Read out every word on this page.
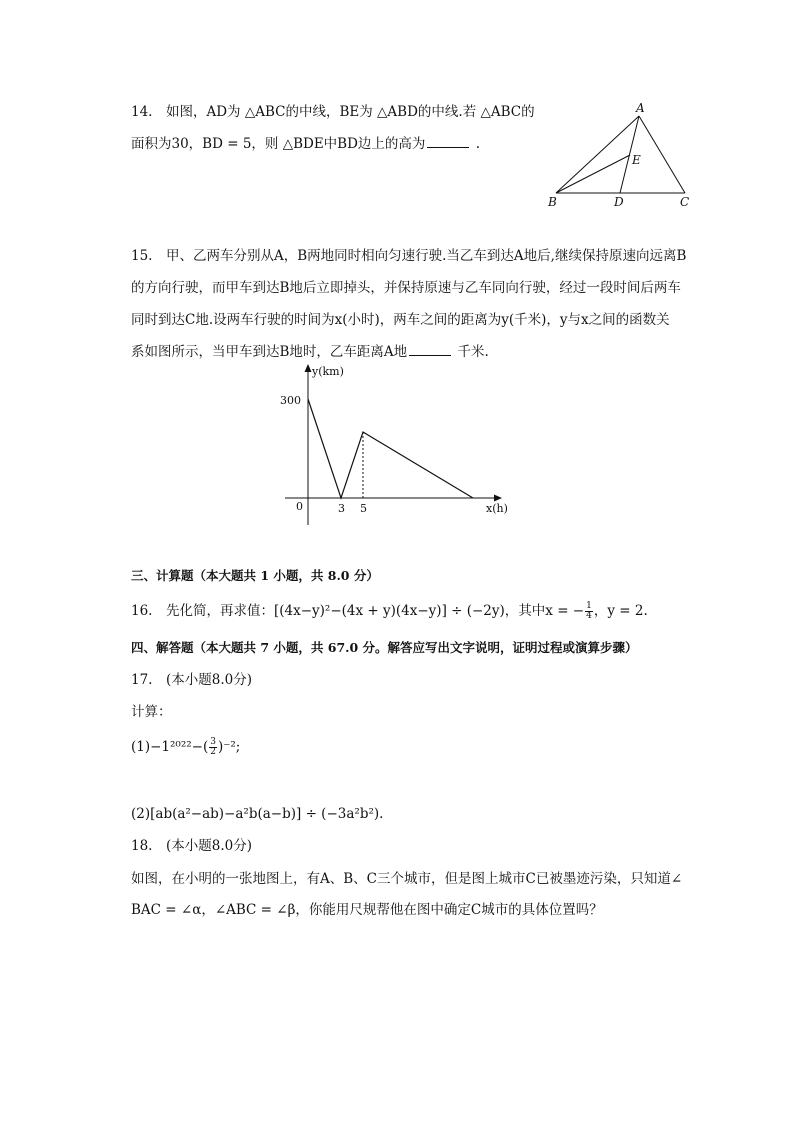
14.　如图，AD为 △ABC的中线，BE为 △ABD的中线.若 △ABC的
面积为30，BD = 5，则 △BDE中BD边上的高为	.
A
E
B	D	C
15.　甲、乙两车分别从A，B两地同时相向匀速行驶.当乙车到达A地后,继续保持原速向远离B
的方向行驶，而甲车到达B地后立即掉头，并保持原速与乙车同向行驶，经过一段时间后两车
同时到达C地.设两车行驶的时间为x(小时)，两车之间的距离为y(千米)，y与x之间的函数关
系如图所示，当甲车到达B地时，乙车距离A地	千米.
300
3 5
y(km)
x(h)
0
三、计算题（本大题共 1 小题，共 8.0 分）
16.　先化简，再求值：[(4x−y)²−(4x + y)(4x−y)] ÷ (−2y)，其中x = − $\frac{1}{4}$ ，y = 2.
四、解答题（本大题共 7 小题，共 67.0 分。解答应写出文字说明，证明过程或演算步骤）
17.　(本小题8.0分)
计算：
$(1)-1^{2022}-( \frac{3}{2} )^{-2}$;
(2)[ab(a²−ab)−a²b(a−b)] ÷ (−3a²b²).
18.　(本小题8.0分)
如图，在小明的一张地图上，有A、B、C三个城市，但是图上城市C已被墨迹污染，只知道∠
BAC = ∠α，∠ABC = ∠β，你能用尺规帮他在图中确定C城市的具体位置吗？
